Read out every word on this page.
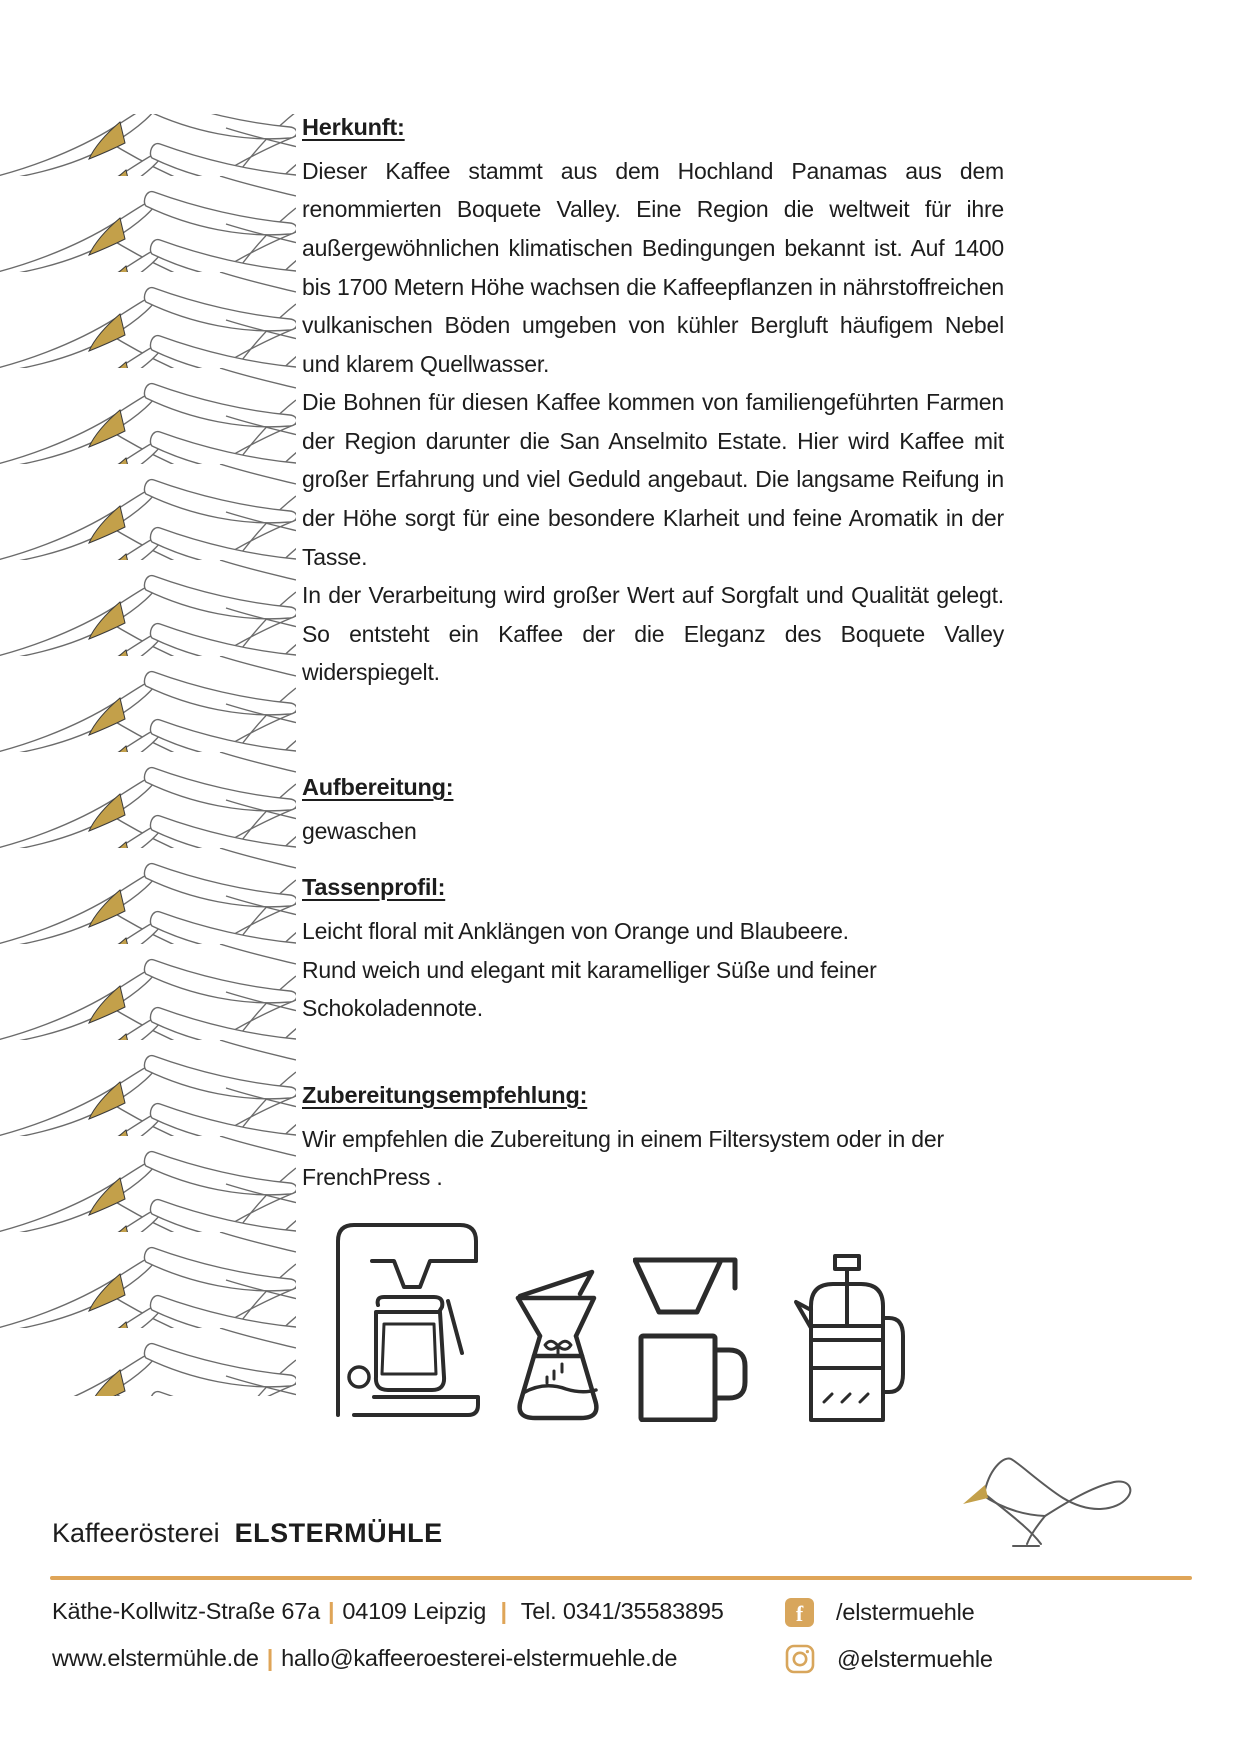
Herkunft:

Dieser Kaffee stammt aus dem Hochland Panamas aus dem renommierten Boquete Valley. Eine Region die weltweit für ihre außergewöhnlichen klimatischen Bedingungen bekannt ist. Auf 1400 bis 1700 Metern Höhe wachsen die Kaffeepflanzen in nährstoffreichen vulkanischen Böden umgeben von kühler Bergluft häufigem Nebel und klarem Quellwasser.

Die Bohnen für diesen Kaffee kommen von familiengeführten Farmen der Region darunter die San Anselmito Estate. Hier wird Kaffee mit großer Erfahrung und viel Geduld angebaut. Die langsame Reifung in der Höhe sorgt für eine besondere Klarheit und feine Aromatik in der Tasse.

In der Verarbeitung wird großer Wert auf Sorgfalt und Qualität gelegt. So entsteht ein Kaffee der die Eleganz des Boquete Valley widerspiegelt.

Aufbereitung:

gewaschen

Tassenprofil:

Leicht floral mit Anklängen von Orange und Blaubeere.

Rund weich und elegant mit karamelliger Süße und feiner Schokoladennote.

Zubereitungsempfehlung:

Wir empfehlen die Zubereitung in einem Filtersystem oder in der FrenchPress .

Kaffeerösterei ELSTERMÜHLE
Käthe-Kollwitz-Straße 67a | 04109 Leipzig | Tel. 0341/35583895	f /elstermuehle
www.elstermühle.de | hallo@kaffeeroesterei-elstermuehle.de	@elstermuehle
